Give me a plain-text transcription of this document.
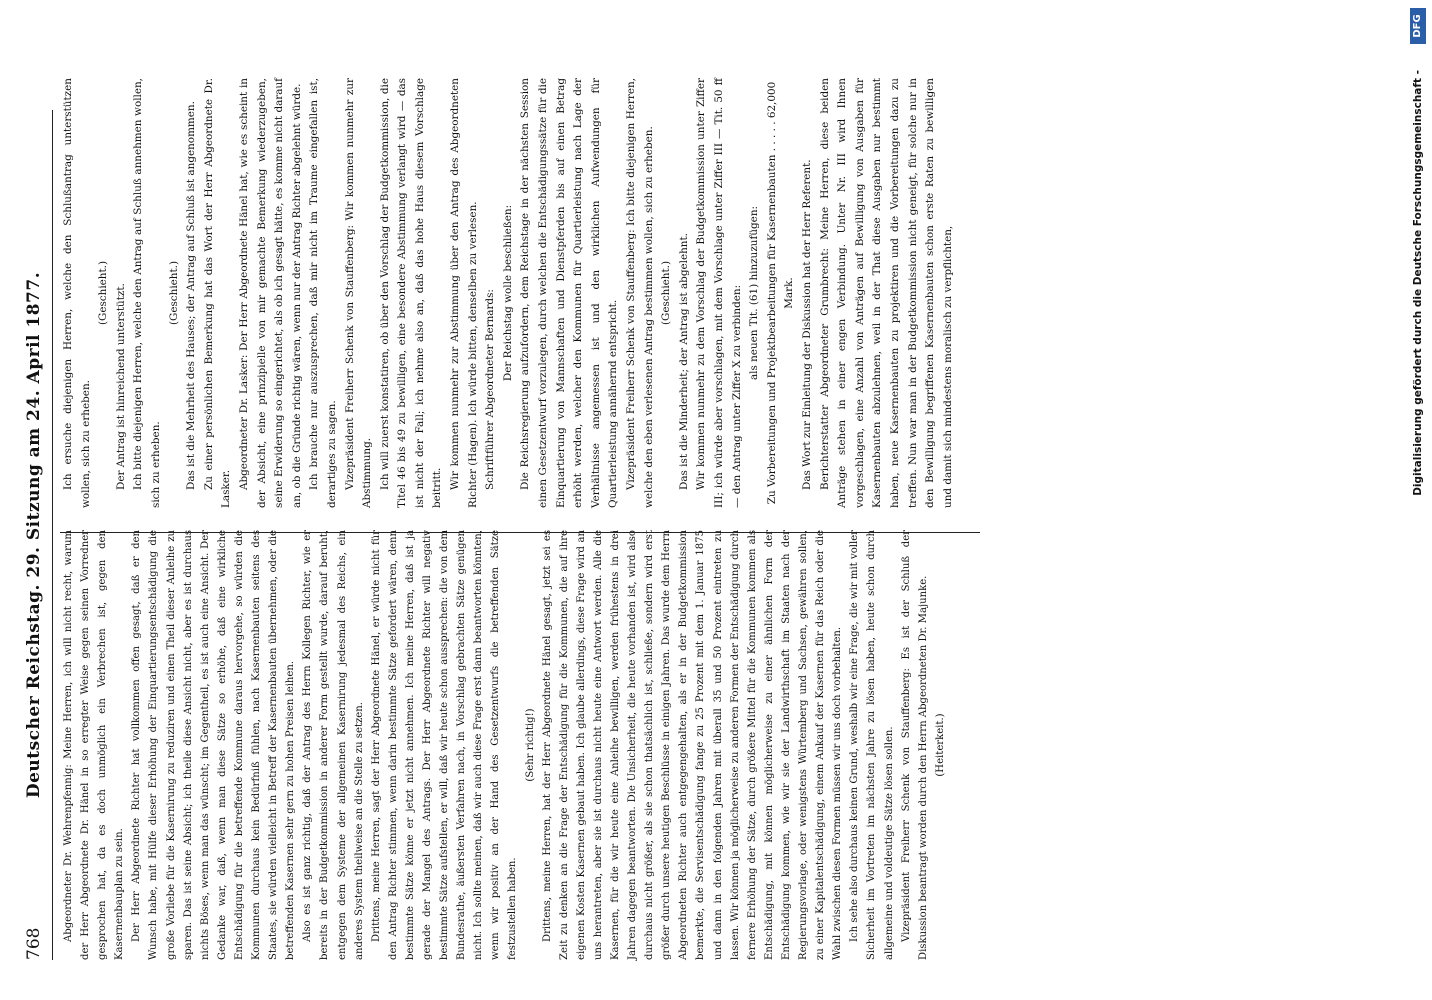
768
Deutscher Reichstag. 29. Sitzung am 24. April 1877. Abgeordneter Dr. Wehrenpfennig: Meine Herren, ich will nicht recht, warum der Herr Abgeordnete Dr. Hänel in so erregter Weise gegen seinen Vorredner gesprochen hat, da es doch unmöglich ein Verbrechen ist, gegen den Kasernenbauplan zu sein. Der Herr Abgeordnete Richter hat vollkommen offen gesagt, daß er den Wunsch habe, mit Hülfe dieser Erhöhung der Einquartierungsentschädigung die große Vorliebe für die Kasernirung zu reduziren und einen Theil dieser Anleihe zu sparen. Das ist seine Absicht; ich theile diese Ansicht nicht, aber es ist durchaus nichts Böses, wenn man das wünscht; im Gegentheil, es ist auch eine Ansicht. Der Gedanke war, daß, wenn man diese Sätze so erhöhe, daß eine wirkliche Entschädigung für die betreffende Kommune daraus hervorgehe, so würden die Kommunen durchaus kein Bedürfniß fühlen, nach Kasernenbauten seitens des Staates, sie würden vielleicht in Betreff der Kasernenbauten übernehmen, oder die betreffenden Kasernen sehr gern zu hohen Preisen leihen. Also es ist ganz richtig, daß der Antrag des Herrn Kollegen Richter, wie er bereits in der Budgetkommission in anderer Form gestellt wurde, darauf beruht, entgegen dem Systeme der allgemeinen Kasernirung jedesmal des Reichs, ein anderes System theilweise an die Stelle zu setzen. Drittens, meine Herren, sagt der Herr Abgeordnete Hänel, er würde nicht für den Antrag Richter stimmen, wenn darin bestimmte Sätze gefordert wären, denn bestimmte Sätze könne er jetzt nicht annehmen. Ich meine Herren, daß ist ja gerade der Mangel des Antrags. Der Herr Abgeordnete Richter will negativ bestimmte Sätze aufstellen, er will, daß wir heute schon aussprechen: die von dem Bundesrathe, äußersten Verfahren nach, in Vorschlag gebrachten Sätze genügen nicht. Ich sollte meinen, daß wir auch diese Frage erst dann beantworten könnten, wenn wir positiv an der Hand des Gesetzentwurfs die betreffenden Sätze festzustellen haben.

(Sehr richtig!) Drittens, meine Herren, hat der Herr Abgeordnete Hänel gesagt, jetzt sei es Zeit zu denken an die Frage der Entschädigung für die Kommunen, die auf ihre eigenen Kosten Kasernen gebaut haben. Ich glaube allerdings, diese Frage wird an uns herantreten, aber sie ist durchaus nicht heute eine Antwort werden. Alle die Kasernen, für die wir heute eine Anleihe bewilligen, werden frühestens in drei Jahren dagegen beantworten. Die Unsicherheit, die heute vorhanden ist, wird also durchaus nicht größer, als sie schon thatsächlich ist, schließe, sondern wird erst größer durch unsere heutigen Beschlüsse in einigen Jahren. Das wurde dem Herrn Abgeordneten Richter auch entgegengehalten, als er in der Budgetkommission bemerkte, die Servisentschädigung fange zu 25 Prozent mit dem 1. Januar 1875 und dann in den folgenden Jahren mit überall 35 und 50 Prozent eintreten zu lassen. Wir können ja möglicherweise zu anderen Formen der Entschädigung durch fernere Erhöhung der Sätze, durch größere Mittel für die Kommunen kommen als Entschädigung, mit können möglicherweise zu einer ähnlichen Form der Entschädigung kommen, wie wir sie der Landwirthschaft im Staaten nach der Regierungsvorlage, oder wenigstens Würtemberg und Sachsen, gewähren sollen, zu einer Kapitalentschädigung, einem Ankauf der Kasernen für das Reich oder die Wahl zwischen diesen Formen müssen wir uns doch vorbehalten. Ich sehe also durchaus keinen Grund, weshalb wir eine Frage, die wir mit voller Sicherheit im Vortreten im nächsten Jahre zu lösen haben, heute schon durch allgemeine und voldeutige Sätze lösen sollen. Vizepräsident Freiherr Schenk von Stauffenberg: Es ist der Schluß der Diskussion beantragt worden durch den Herrn Abgeordneten Dr. Majunke. (Heiterkeit.)

Ich ersuche diejenigen Herren, welche den Schlußantrag unterstützen wollen, sich zu erheben.

(Geschieht.) Der Antrag ist hinreichend unterstützt. Ich bitte diejenigen Herren, welche den Antrag auf Schluß annehmen wollen, sich zu erheben.

(Geschieht.) Das ist die Mehrheit des Hauses; der Antrag auf Schluß ist angenommen. Zu einer persönlichen Bemerkung hat das Wort der Herr Abgeordnete Dr. Lasker. Abgeordneter Dr. Lasker: Der Herr Abgeordnete Hänel hat, wie es scheint in der Absicht, eine prinzipielle von mir gemachte Bemerkung wiederzugeben, seine Erwiderung so eingerichtet, als ob ich gesagt hätte, es komme nicht darauf an, ob die Gründe richtig wären, wenn nur der Antrag Richter abgelehnt würde. Ich brauche nur auszusprechen, daß mir nicht im Traume eingefallen ist, derartiges zu sagen. Vizepräsident Freiherr Schenk von Stauffenberg: Wir kommen nunmehr zur Abstimmung. Ich will zuerst konstatiren, ob über den Vorschlag der Budgetkommission, die Titel 46 bis 49 zu bewilligen, eine besondere Abstimmung verlangt wird — das ist nicht der Fall; ich nehme also an, daß das hohe Haus diesem Vorschlage beitritt. Wir kommen nunmehr zur Abstimmung über den Antrag des Abgeordneten Richter (Hagen). Ich würde bitten, denselben zu verlesen. Schriftführer Abgeordneter Bernards: Der Reichstag wolle beschließen: Die Reichsregierung aufzufordern, dem Reichstage in der nächsten Session einen Gesetzentwurf vorzulegen, durch welchen die Entschädigungssätze für die Einquartierung von Mannschaften und Dienstpferden bis auf einen Betrag erhöht werden, welcher den Kommunen für Quartierleistung nach Lage der Verhältnisse angemessen ist und den wirklichen Aufwendungen für Quartierleistung annähernd entspricht. Vizepräsident Freiherr Schenk von Stauffenberg: Ich bitte diejenigen Herren, welche den eben verlesenen Antrag bestimmen wollen, sich zu erheben. (Geschieht.) Das ist die Minderheit; der Antrag ist abgelehnt. Wir kommen nunmehr zu dem Vorschlag der Budgetkommission unter Ziffer III; ich würde aber vorschlagen, mit dem Vorschlage unter Ziffer III — Tit. 50 ff — den Antrag unter Ziffer X zu verbinden: als neuen Tit. (61) hinzuzufügen: Zu Vorbereitungen und Projektbearbeitungen für Kasernenbauten . . . . . 62,000 Mark. Das Wort zur Einleitung der Diskussion hat der Herr Referent. Berichterstatter Abgeordneter Grumbrecht: Meine Herren, diese beiden Anträge stehen in einer engen Verbindung. Unter Nr. III wird Ihnen vorgeschlagen, eine Anzahl von Anträgen auf Bewilligung von Ausgaben für Kasernenbauten abzulehnen, weil in der That diese Ausgaben nur bestimmt haben, neue Kasernenbauten zu projektiren und die Vorbereitungen dazu zu treffen. Nun war man in der Budgetkommission nicht geneigt, für solche nur in den Bewilligung begriffenen Kasernenbauten schon erste Raten zu bewilligen und damit sich mindestens moralisch zu verpflichten,	Digitalisierung gefördert durch die Deutsche Forschungsgemeinschaft -
DFG
